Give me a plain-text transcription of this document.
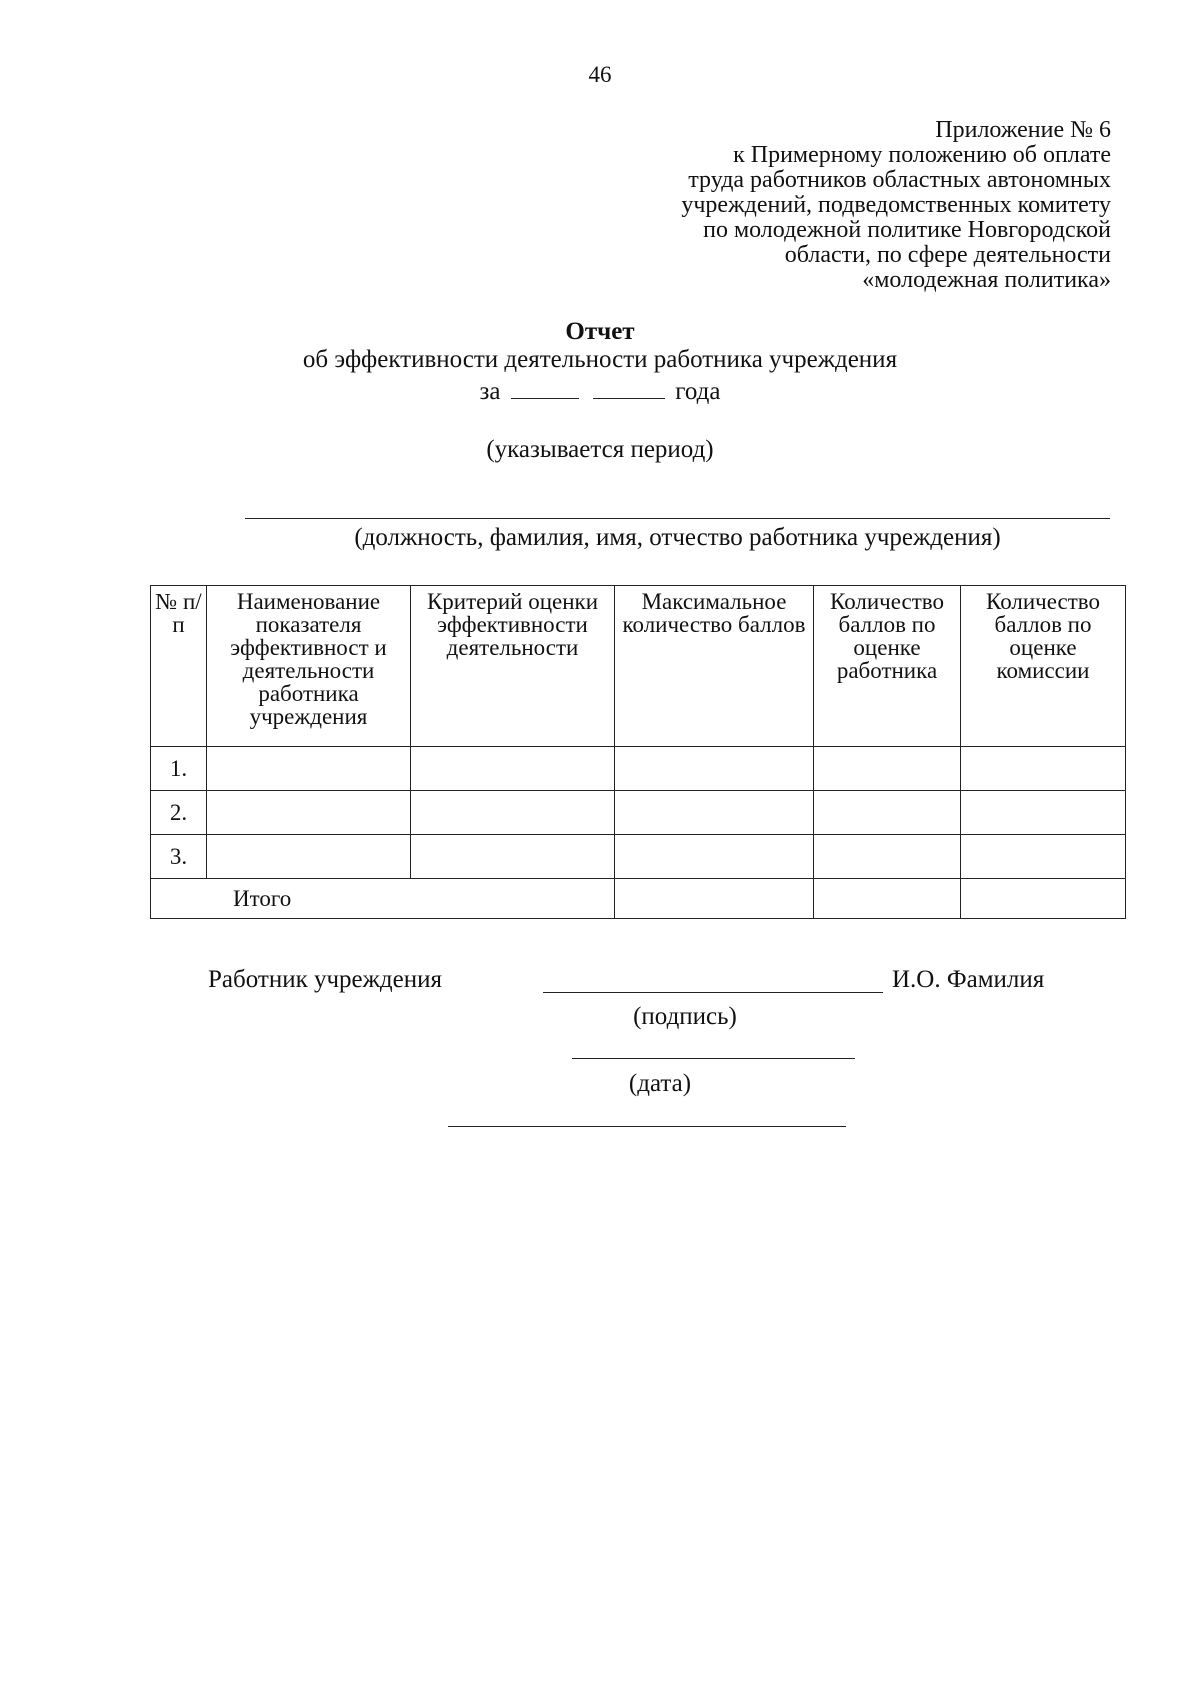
46
Приложение № 6
к Примерному положению об оплате
труда работников областных автономных
учреждений, подведомственных комитету
по молодежной политике Новгородской
области, по сфере деятельности
«молодежная политика»
Отчет
об эффективности деятельности работника учреждения
за	года
(указывается период)
(должность, фамилия, имя, отчество работника учреждения)
№ п/п	Наименование показателя эффективност и деятельности работника учреждения	Критерий оценки эффективности деятельности	Максимальное количество баллов	Количество баллов по оценке работника	Количество баллов по оценке комиссии
1.					
2.					
3.					
Итого					
Работник учреждения	И.О. Фамилия
(подпись)
(дата)
